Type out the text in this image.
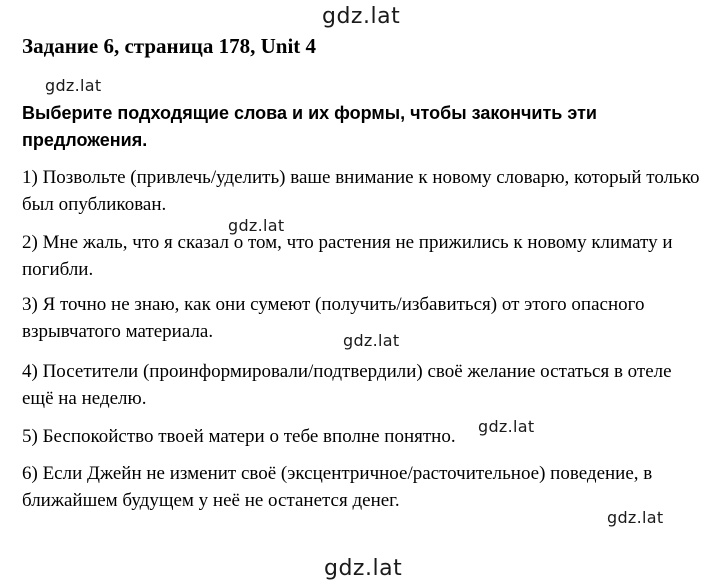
gdz.lat
Задание 6, страница 178, Unit 4
gdz.lat
Выберите подходящие слова и их формы, чтобы закончить эти предложения.
1) Позвольте (привлечь/уделить) ваше внимание к новому словарю, который только был опубликован.
gdz.lat
2) Мне жаль, что я сказал о том, что растения не прижились к новому климату и погибли.
3) Я точно не знаю, как они сумеют (получить/избавиться) от этого опасного взрывчатого материала.	gdz.lat
4) Посетители (проинформировали/подтвердили) своё желание остаться в отеле ещё на неделю.
gdz.lat
5) Беспокойство твоей матери о тебе вполне понятно.
6) Если Джейн не изменит своё (эксцентричное/расточительное) поведение, в ближайшем будущем у неё не останется денег.
gdz.lat
gdz.lat
